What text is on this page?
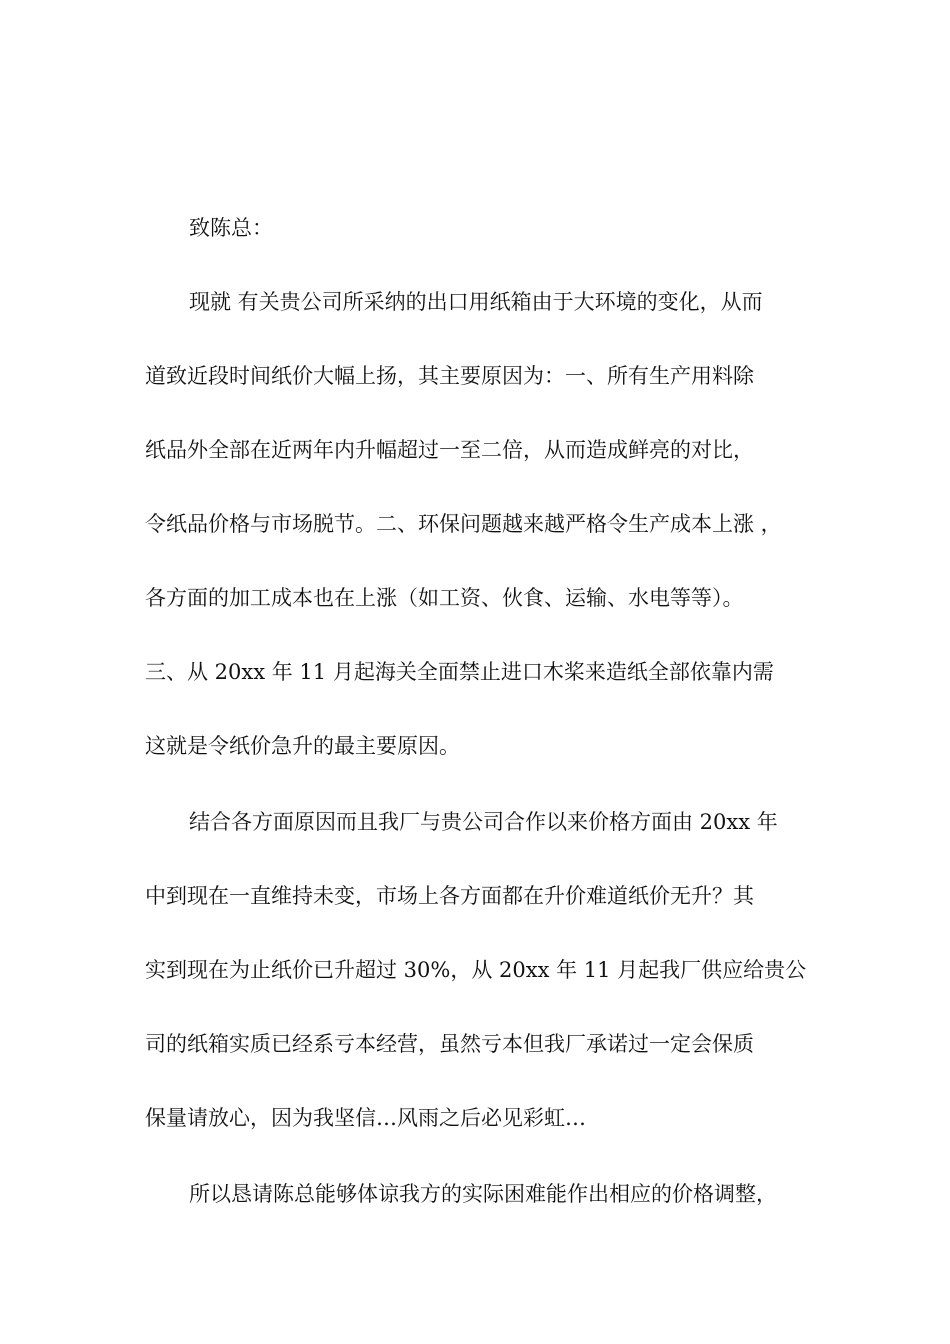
致陈总：
现就 有关贵公司所采纳的出口用纸箱由于大环境的变化，从而
道致近段时间纸价大幅上扬，其主要原因为：一、所有生产用料除
纸品外全部在近两年内升幅超过一至二倍，从而造成鲜亮的对比，
令纸品价格与市场脱节。二、环保问题越来越严格令生产成本上涨 ，
各方面的加工成本也在上涨（如工资、伙食、运输、水电等等）。
三、从 20xx 年 11 月起海关全面禁止进口木桨来造纸全部依靠内需
这就是令纸价急升的最主要原因。
结合各方面原因而且我厂与贵公司合作以来价格方面由 20xx 年
中到现在一直维持未变，市场上各方面都在升价难道纸价无升？其
实到现在为止纸价已升超过 30%，从 20xx 年 11 月起我厂供应给贵公
司的纸箱实质已经系亏本经营，虽然亏本但我厂承诺过一定会保质
保量请放心，因为我坚信…风雨之后必见彩虹…
所以恳请陈总能够体谅我方的实际困难能作出相应的价格调整，
